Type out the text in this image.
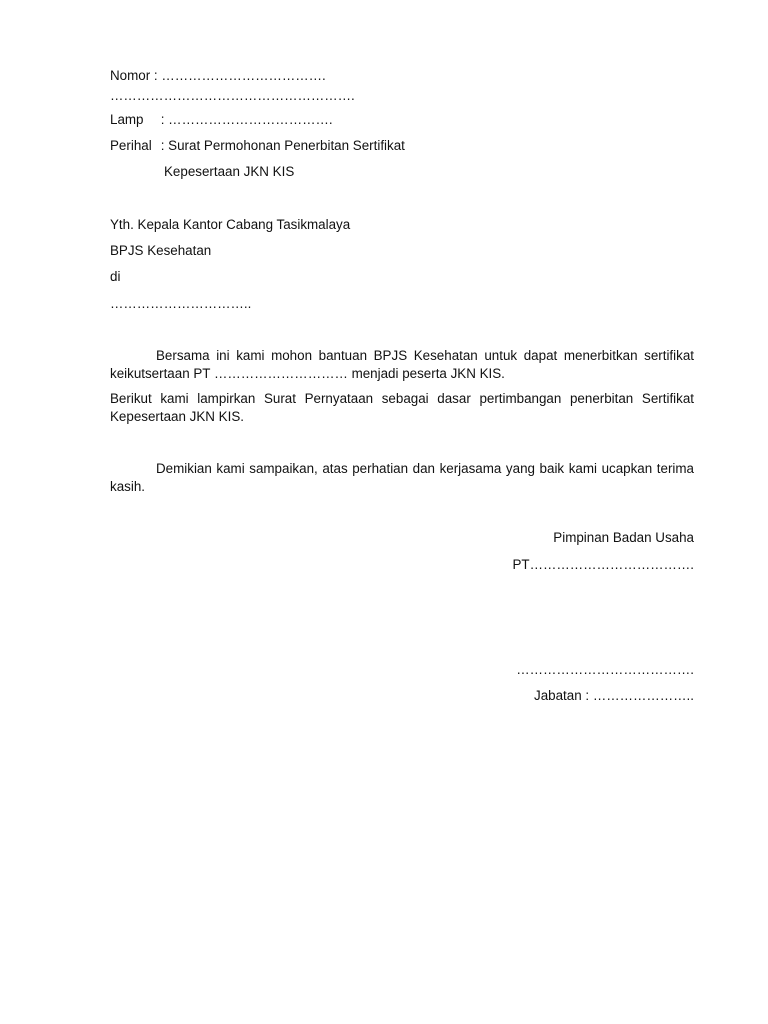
Nomor : ……………………………….
……………………………………………….
Lamp : ……………………………….
Perihal : Surat Permohonan Penerbitan Sertifikat
Kepesertaan JKN KIS
Yth. Kepala Kantor Cabang Tasikmalaya
BPJS Kesehatan
di
…………………………..
Bersama ini kami mohon bantuan BPJS Kesehatan untuk dapat menerbitkan sertifikat keikutsertaan PT ………………………… menjadi peserta JKN KIS.
Berikut kami lampirkan Surat Pernyataan sebagai dasar pertimbangan penerbitan Sertifikat Kepesertaan JKN KIS.
Demikian kami sampaikan, atas perhatian dan kerjasama yang baik kami ucapkan terima kasih.
Pimpinan Badan Usaha
PT……………………………….
………………………………….
Jabatan : …………………..
